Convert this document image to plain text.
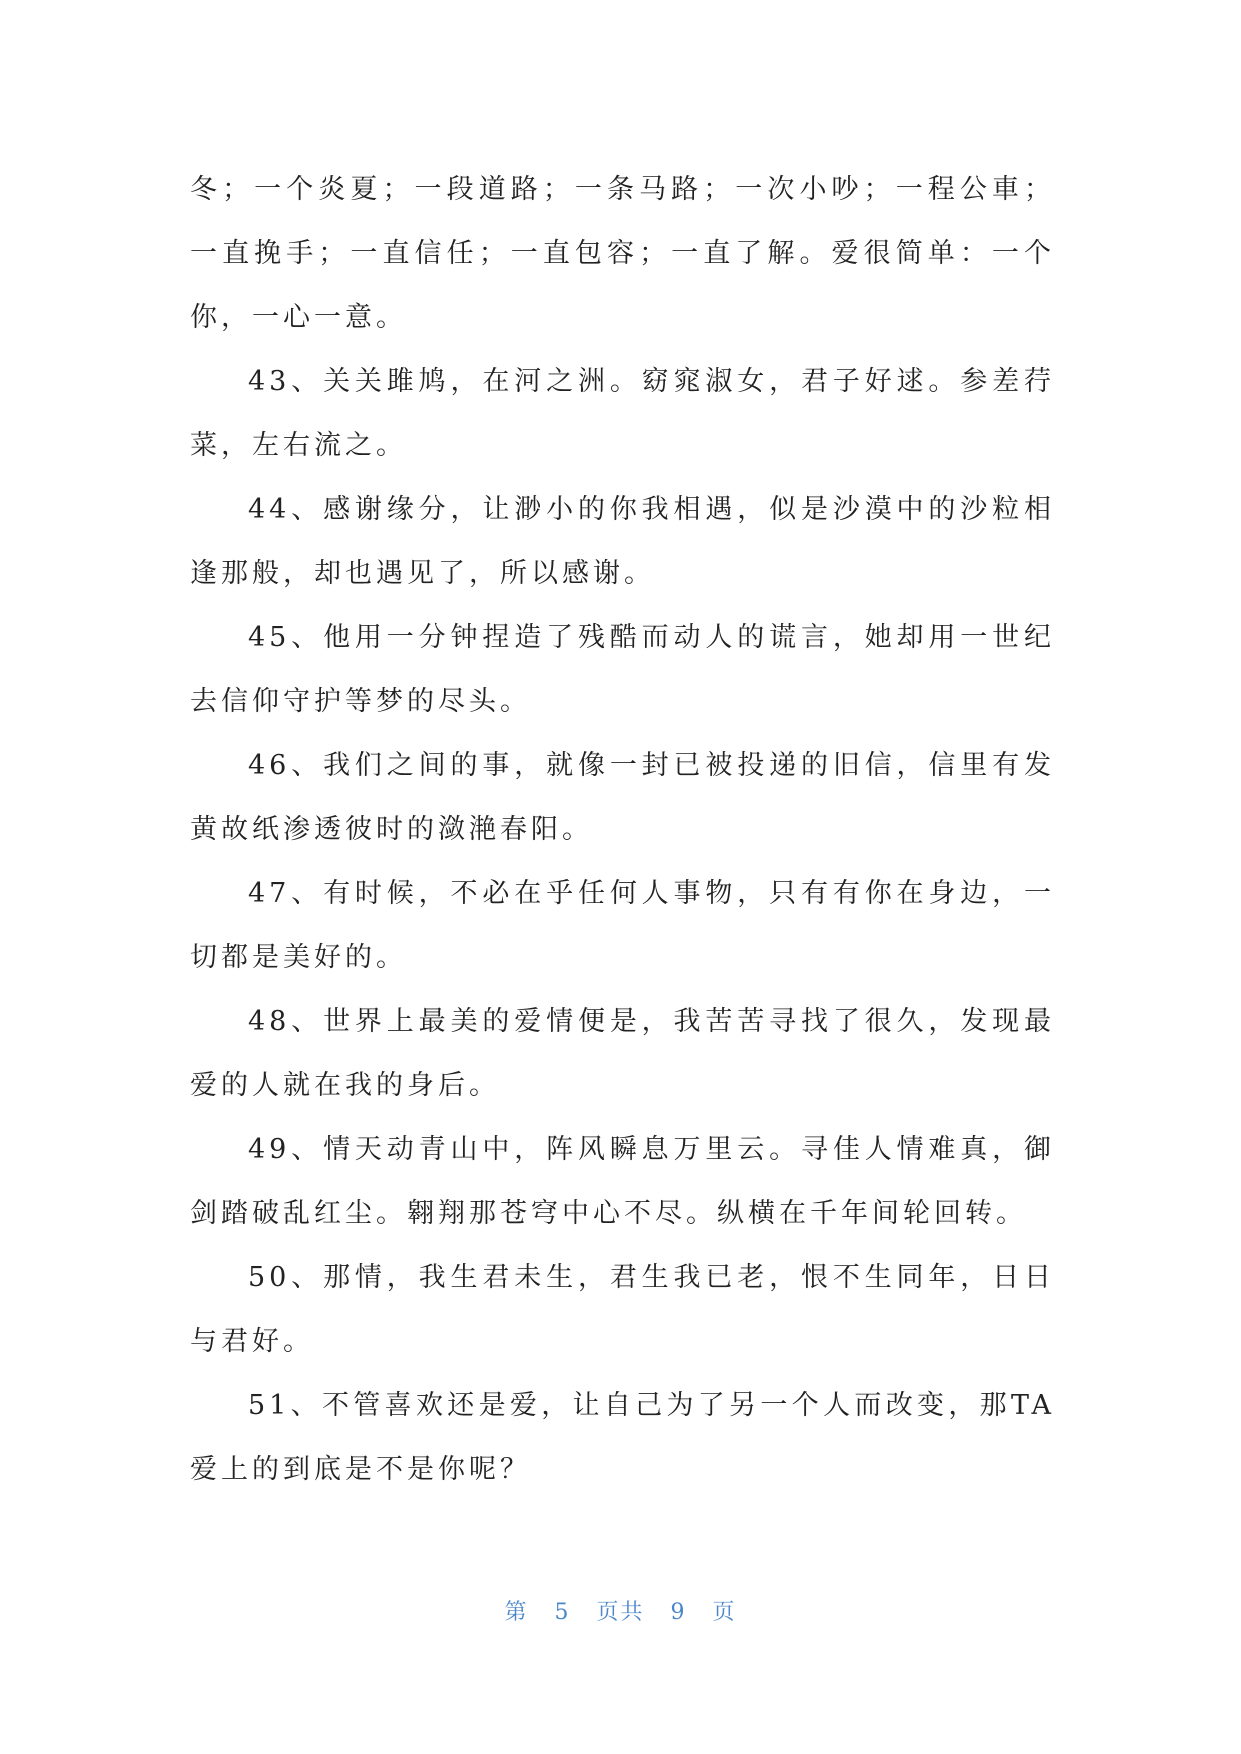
冬；一个炎夏；一段道路；一条马路；一次小吵；一程公車；一直挽手；一直信任；一直包容；一直了解。爱很简单：一个你，一心一意。

43、关关雎鸠，在河之洲。窈窕淑女，君子好逑。参差荇菜，左右流之。

44、感谢缘分，让渺小的你我相遇，似是沙漠中的沙粒相逢那般，却也遇见了，所以感谢。

45、他用一分钟捏造了残酷而动人的谎言，她却用一世纪去信仰守护等梦的尽头。

46、我们之间的事，就像一封已被投递的旧信，信里有发黄故纸渗透彼时的潋滟春阳。

47、有时候，不必在乎任何人事物，只有有你在身边，一切都是美好的。

48、世界上最美的爱情便是，我苦苦寻找了很久，发现最爱的人就在我的身后。

49、情天动青山中，阵风瞬息万里云。寻佳人情难真，御剑踏破乱红尘。翱翔那苍穹中心不尽。纵横在千年间轮回转。

50、那情，我生君未生，君生我已老，恨不生同年，日日与君好。

51、不管喜欢还是爱，让自己为了另一个人而改变，那TA爱上的到底是不是你呢？

第 5 页共 9 页
